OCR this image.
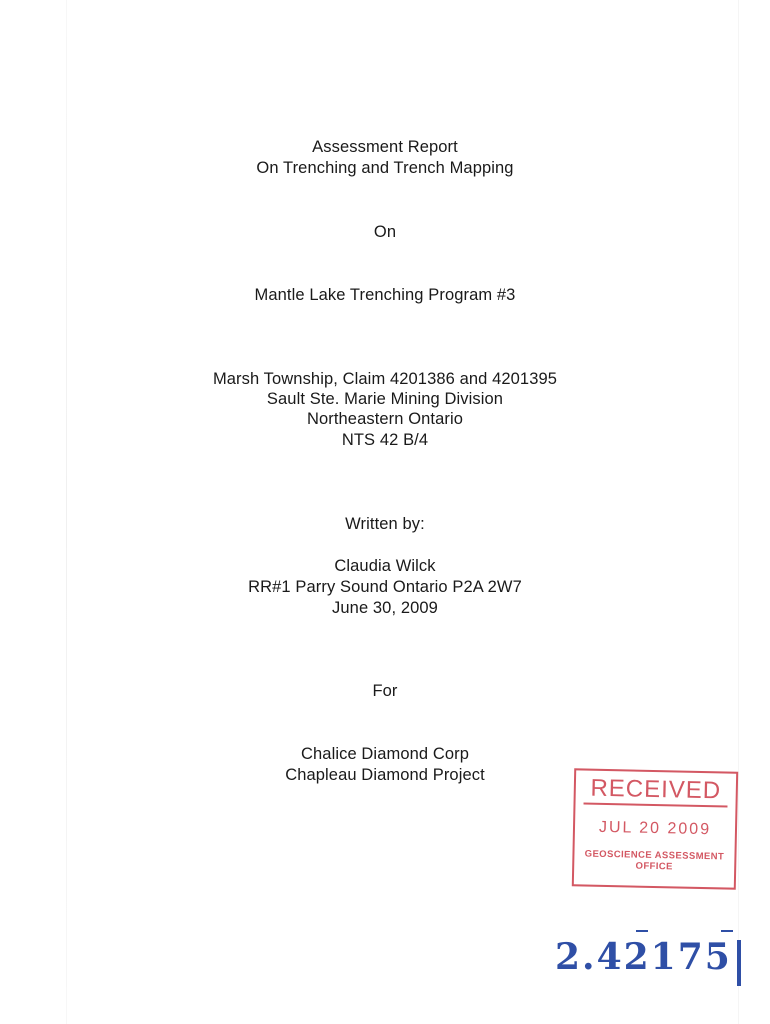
Assessment Report
On Trenching and Trench Mapping
On
Mantle Lake Trenching Program #3
Marsh Township, Claim 4201386 and 4201395
Sault Ste. Marie Mining Division
Northeastern Ontario
NTS 42 B/4
Written by:
Claudia Wilck
RR#1 Parry Sound Ontario P2A 2W7
June 30, 2009
For
Chalice Diamond Corp
Chapleau Diamond Project	RECEIVED
JUL 20 2009
GEOSCIENCE ASSESSMENT
OFFICE
2.42175
